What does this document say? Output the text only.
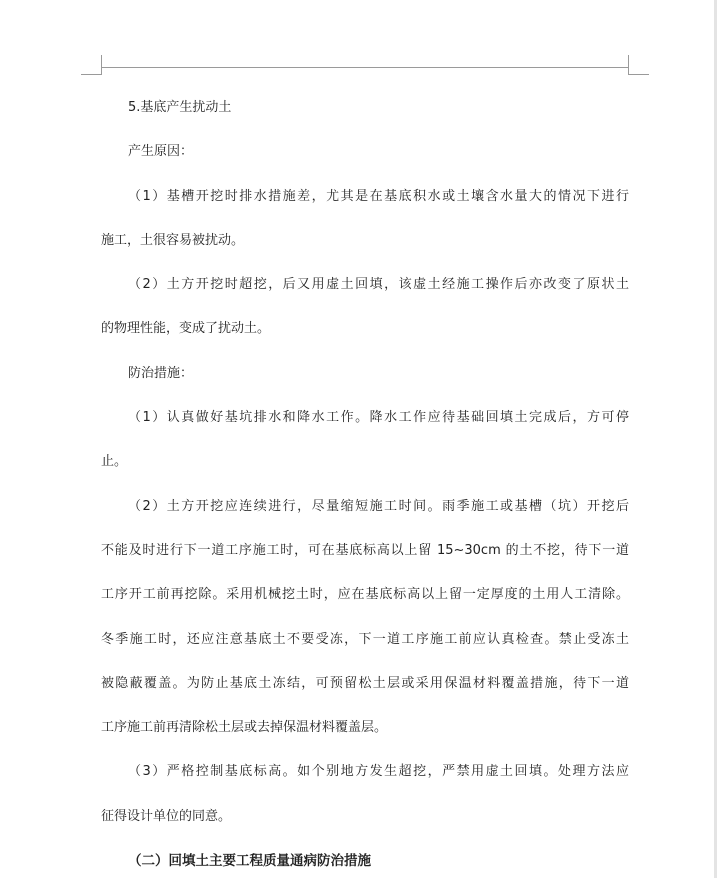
5.基底产生扰动土
产生原因：
（1）基槽开挖时排水措施差，尤其是在基底积水或土壤含水量大的情况下进行
施工，土很容易被扰动。
（2）土方开挖时超挖，后又用虚土回填，该虚土经施工操作后亦改变了原状土
的物理性能，变成了扰动土。
防治措施：
（1）认真做好基坑排水和降水工作。降水工作应待基础回填土完成后，方可停
止。
（2）土方开挖应连续进行，尽量缩短施工时间。雨季施工或基槽（坑）开挖后
不能及时进行下一道工序施工时，可在基底标高以上留 15~30cm 的土不挖，待下一道
工序开工前再挖除。采用机械挖土时，应在基底标高以上留一定厚度的土用人工清除。
冬季施工时，还应注意基底土不要受冻，下一道工序施工前应认真检查。禁止受冻土
被隐蔽覆盖。为防止基底土冻结，可预留松土层或采用保温材料覆盖措施，待下一道
工序施工前再清除松土层或去掉保温材料覆盖层。
（3）严格控制基底标高。如个别地方发生超挖，严禁用虚土回填。处理方法应
征得设计单位的同意。
（二）回填土主要工程质量通病防治措施
